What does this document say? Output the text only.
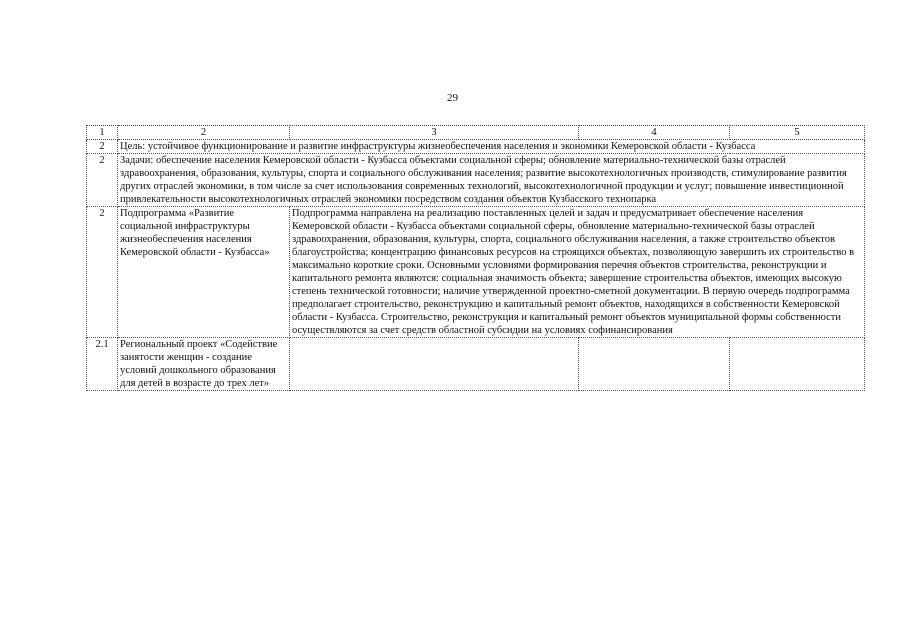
29
1	2	3	4	5
2	Цель: устойчивое функционирование и развитие инфраструктуры жизнеобеспечения населения и экономики Кемеровской области - Кузбасса			
2	Задачи: обеспечение населения Кемеровской области - Кузбасса объектами социальной сферы; обновление материально-технической базы отраслей здравоохранения, образования, культуры, спорта и социального обслуживания населения; развитие высокотехнологичных производств, стимулирование развития других отраслей экономики, в том числе за счет использования современных технологий, высокотехнологичной продукции и услуг; повышение инвестиционной привлекательности высокотехнологичных отраслей экономики посредством создания объектов Кузбасского технопарка			
2	Подпрограмма «Развитие социальной инфраструктуры жизнеобеспечения населения Кемеровской области - Кузбасса»	Подпрограмма направлена на реализацию поставленных целей и задач и предусматривает обеспечение населения Кемеровской области - Кузбасса объектами социальной сферы, обновление материально-технической базы отраслей здравоохранения, образования, культуры, спорта, социального обслуживания населения, а также строительство объектов благоустройства; концентрацию финансовых ресурсов на строящихся объектах, позволяющую завершить их строительство в максимально короткие сроки. Основными условиями формирования перечня объектов строительства, реконструкции и капитального ремонта являются: социальная значимость объекта; завершение строительства объектов, имеющих высокую степень технической готовности; наличие утвержденной проектно-сметной документации. В первую очередь подпрограмма предполагает строительство, реконструкцию и капитальный ремонт объектов, находящихся в собственности Кемеровской области - Кузбасса. Строительство, реконструкция и капитальный ремонт объектов муниципальной формы собственности осуществляются за счет средств областной субсидии на условиях софинансирования		
2.1	Региональный проект «Содействие занятости женщин - создание условий дошкольного образования для детей в возрасте до трех лет»			
